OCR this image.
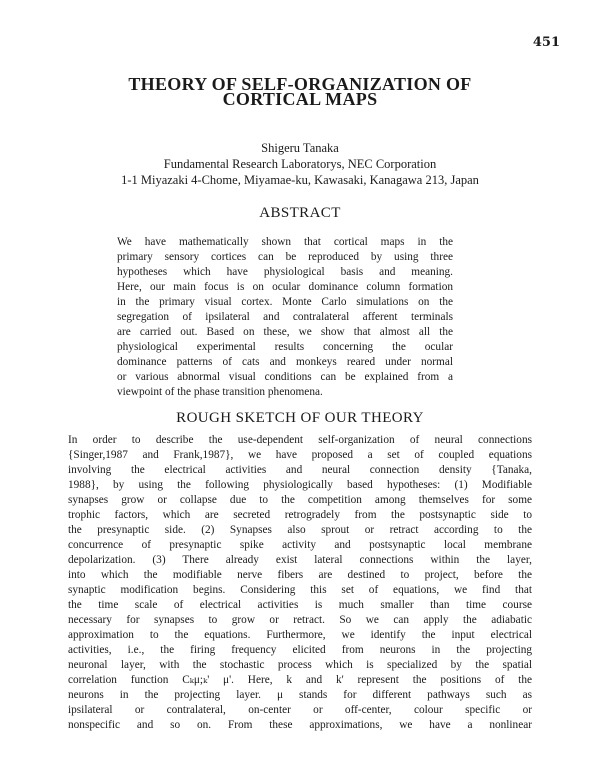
451
THEORY OF SELF-ORGANIZATION OF
CORTICAL MAPS
Shigeru Tanaka
Fundamental Research Laboratorys, NEC Corporation
1-1 Miyazaki 4-Chome, Miyamae-ku, Kawasaki, Kanagawa 213, Japan
ABSTRACT
We have mathematically shown that cortical maps in the
primary sensory cortices can be reproduced by using three
hypotheses which have physiological basis and meaning.
Here, our main focus is on ocular dominance column formation
in the primary visual cortex. Monte Carlo simulations on the
segregation of ipsilateral and contralateral afferent terminals
are carried out. Based on these, we show that almost all the
physiological experimental results concerning the ocular
dominance patterns of cats and monkeys reared under normal
or various abnormal visual conditions can be explained from a
viewpoint of the phase transition phenomena.
ROUGH SKETCH OF OUR THEORY
In order to describe the use-dependent self-organization of neural connections
{Singer,1987 and Frank,1987}, we have proposed a set of coupled equations
involving the electrical activities and neural connection density {Tanaka,
1988}, by using the following physiologically based hypotheses: (1) Modifiable
synapses grow or collapse due to the competition among themselves for some
trophic factors, which are secreted retrogradely from the postsynaptic side to
the presynaptic side. (2) Synapses also sprout or retract according to the
concurrence of presynaptic spike activity and postsynaptic local membrane
depolarization. (3) There already exist lateral connections within the layer,
into which the modifiable nerve fibers are destined to project, before the
synaptic modification begins. Considering this set of equations, we find that
the time scale of electrical activities is much smaller than time course
necessary for synapses to grow or retract. So we can apply the adiabatic
approximation to the equations. Furthermore, we identify the input electrical
activities, i.e., the firing frequency elicited from neurons in the projecting
neuronal layer, with the stochastic process which is specialized by the spatial
correlation function Cₖμ;ₖ' μ'. Here, k and k' represent the positions of the
neurons in the projecting layer. μ stands for different pathways such as
ipsilateral or contralateral, on-center or off-center, colour specific or
nonspecific and so on. From these approximations, we have a nonlinear
